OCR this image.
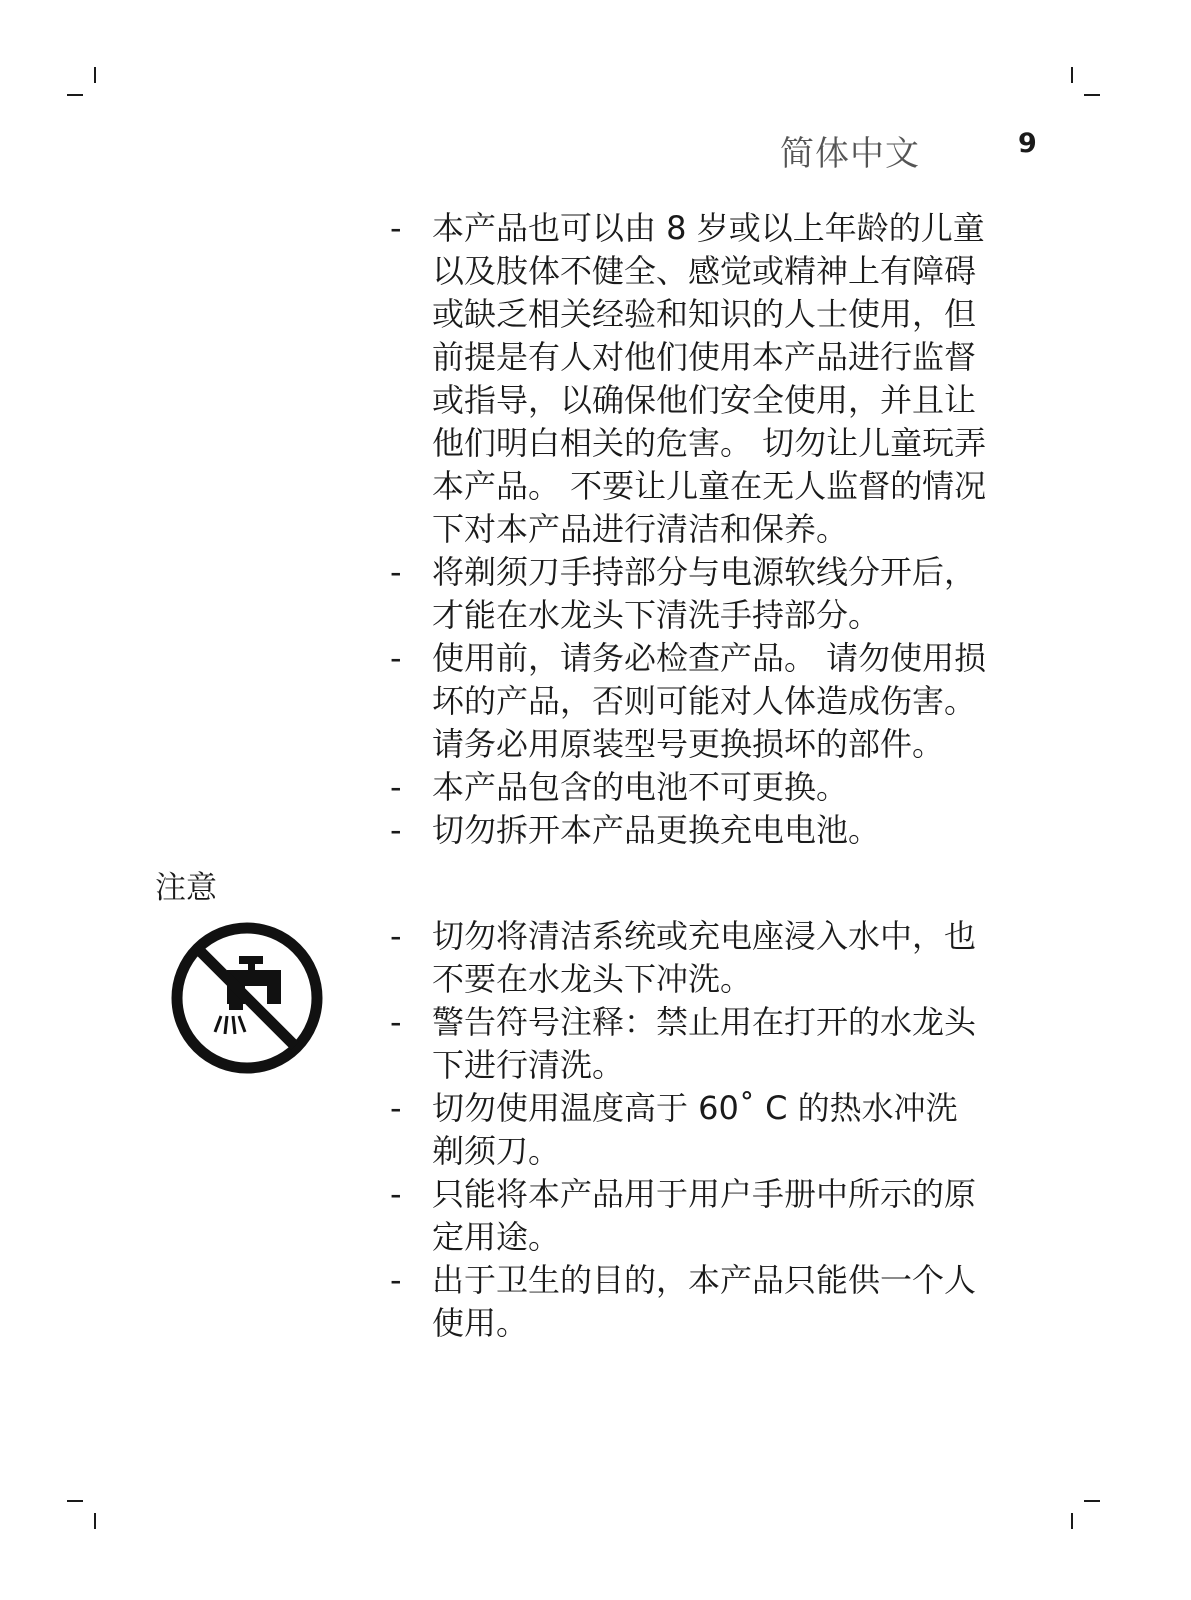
简体中文	9
- 本产品也可以由 8 岁或以上年龄的儿童
以及肢体不健全、感觉或精神上有障碍
或缺乏相关经验和知识的人士使用，但
前提是有人对他们使用本产品进行监督
或指导，以确保他们安全使用，并且让
他们明白相关的危害。 切勿让儿童玩弄
本产品。 不要让儿童在无人监督的情况
下对本产品进行清洁和保养。
- 将剃须刀手持部分与电源软线分开后，
才能在水龙头下清洗手持部分。
- 使用前，请务必检查产品。 请勿使用损
坏的产品，否则可能对人体造成伤害。
请务必用原装型号更换损坏的部件。
- 本产品包含的电池不可更换。
- 切勿拆开本产品更换充电电池。
注意
- 切勿将清洁系统或充电座浸入水中，也
不要在水龙头下冲洗。
- 警告符号注释：禁止用在打开的水龙头
下进行清洗。
- 切勿使用温度高于 60˚ C 的热水冲洗
剃须刀。
- 只能将本产品用于用户手册中所示的原
定用途。
- 出于卫生的目的，本产品只能供一个人
使用。
